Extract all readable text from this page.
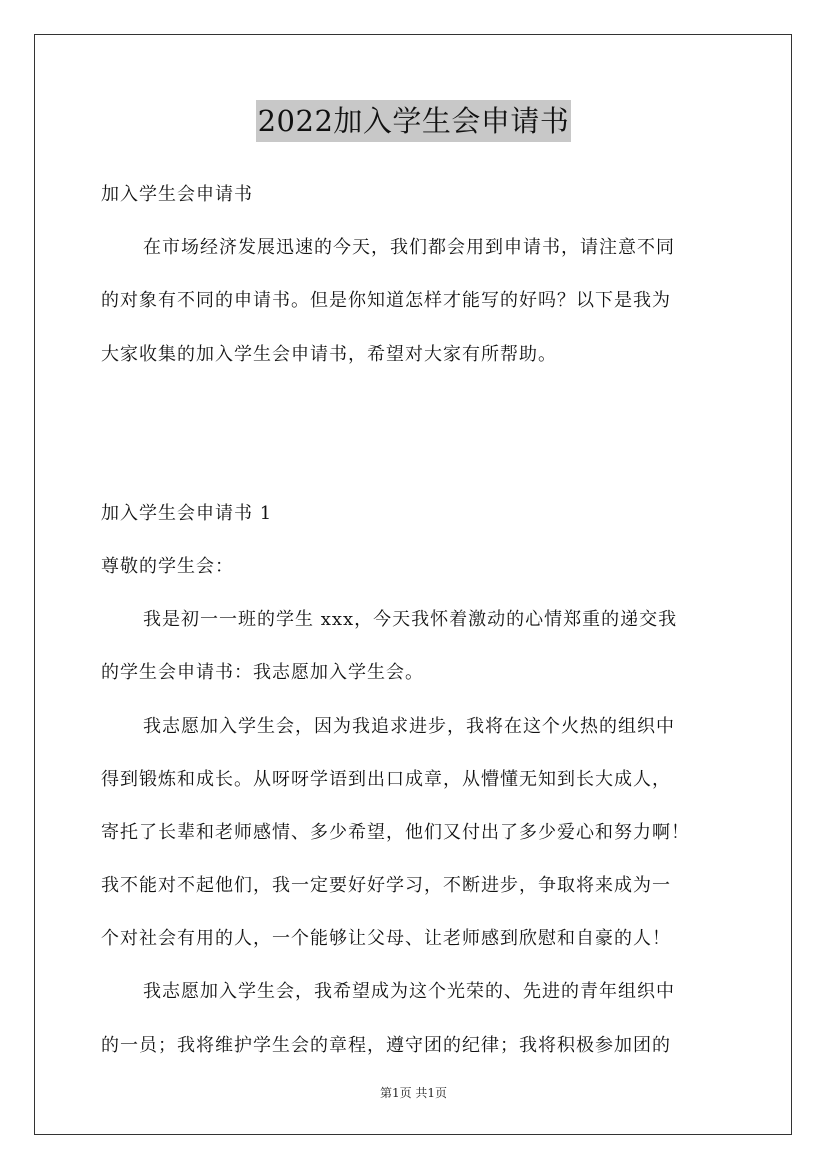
2022加入学生会申请书
加入学生会申请书
在市场经济发展迅速的今天，我们都会用到申请书，请注意不同
的对象有不同的申请书。但是你知道怎样才能写的好吗？以下是我为
大家收集的加入学生会申请书，希望对大家有所帮助。
加入学生会申请书 1
尊敬的学生会：
我是初一一班的学生 xxx，今天我怀着激动的心情郑重的递交我
的学生会申请书：我志愿加入学生会。
我志愿加入学生会，因为我追求进步，我将在这个火热的组织中
得到锻炼和成长。从呀呀学语到出口成章，从懵懂无知到长大成人，
寄托了长辈和老师感情、多少希望，他们又付出了多少爱心和努力啊！
我不能对不起他们，我一定要好好学习，不断进步，争取将来成为一
个对社会有用的人，一个能够让父母、让老师感到欣慰和自豪的人！
我志愿加入学生会，我希望成为这个光荣的、先进的青年组织中
的一员；我将维护学生会的章程，遵守团的纪律；我将积极参加团的
第1页 共1页
